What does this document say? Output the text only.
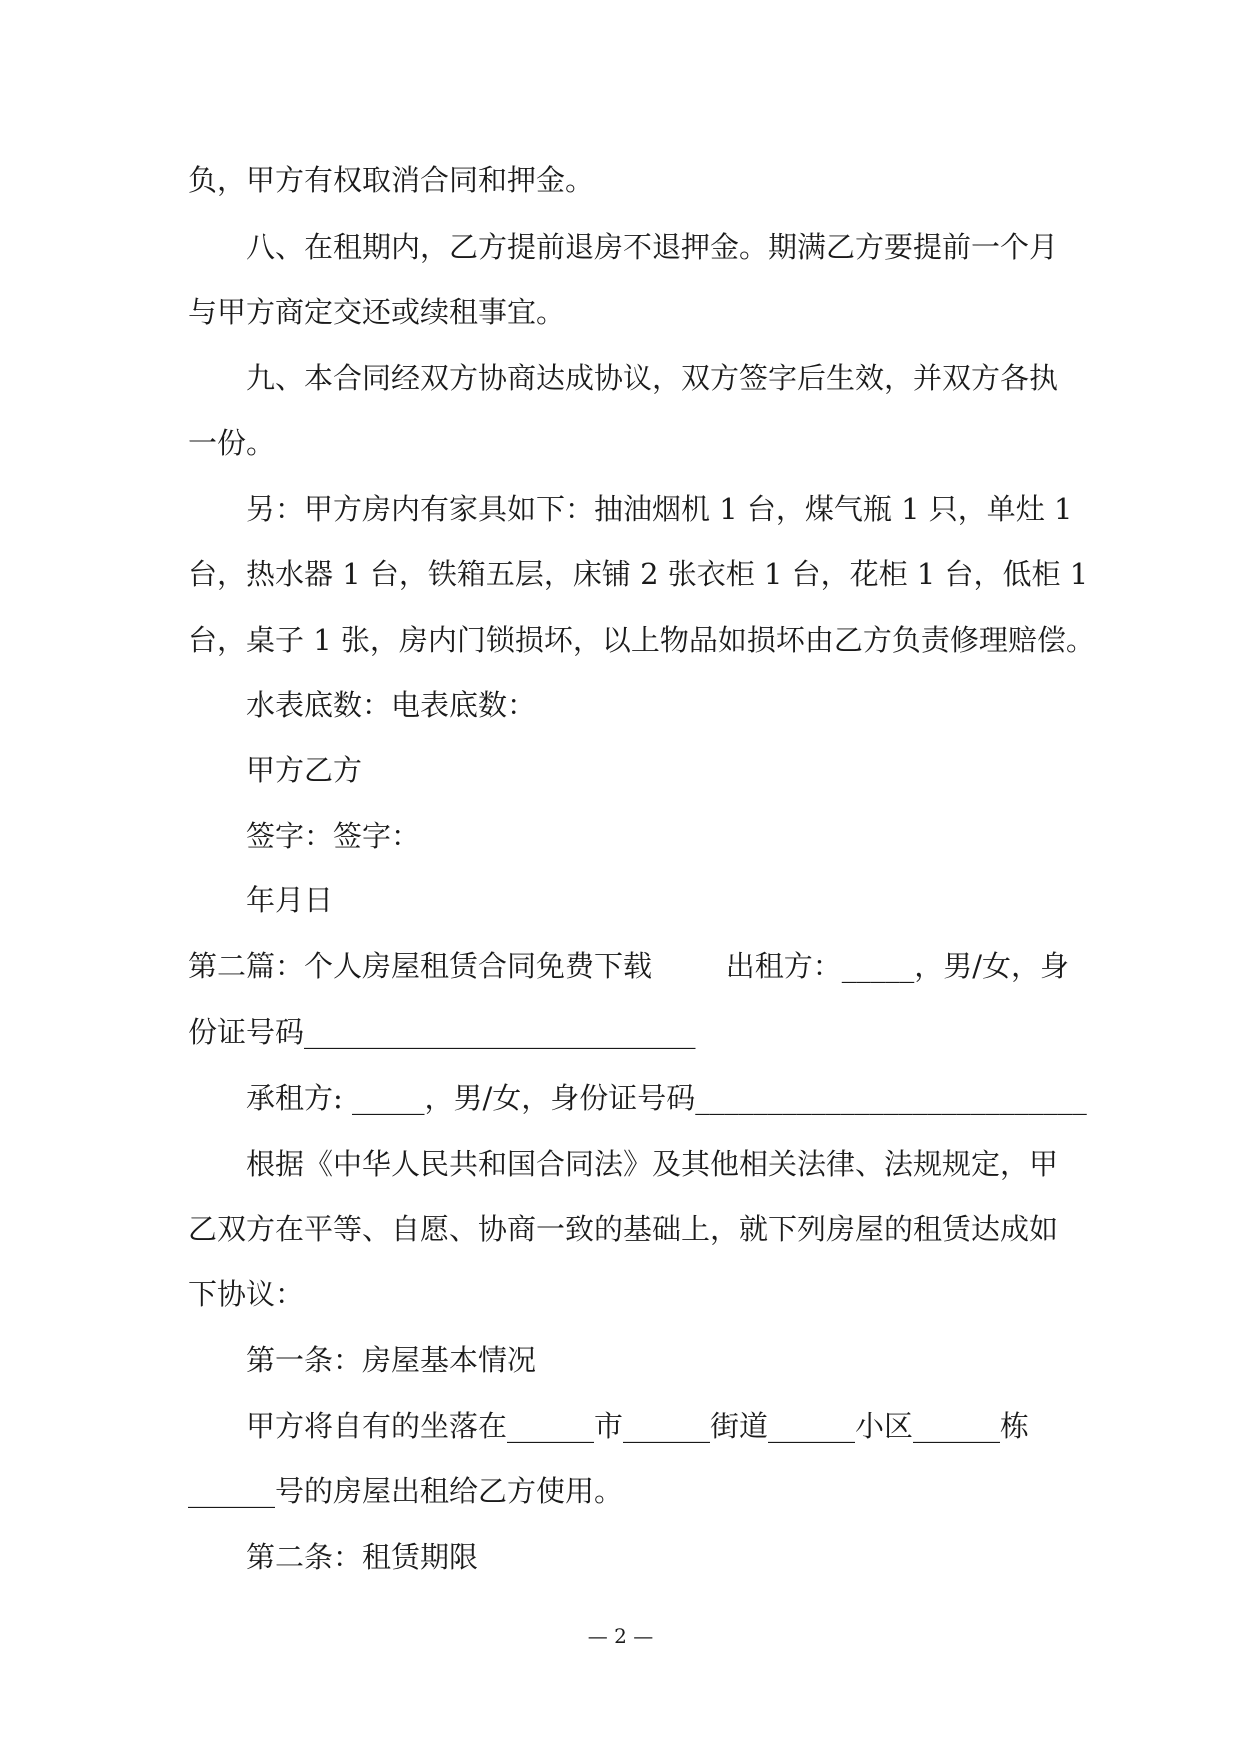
负，甲方有权取消合同和押金。
八、在租期内，乙方提前退房不退押金。期满乙方要提前一个月
与甲方商定交还或续租事宜。
九、本合同经双方协商达成协议，双方签字后生效，并双方各执
一份。
另：甲方房内有家具如下：抽油烟机 1 台，煤气瓶 1 只，单灶 1
台，热水器 1 台，铁箱五层，床铺 2 张衣柜 1 台，花柜 1 台，低柜 1
台，桌子 1 张，房内门锁损坏，以上物品如损坏由乙方负责修理赔偿。
水表底数：电表底数：
甲方乙方
签字：签字：
年月日
第二篇：个人房屋租赁合同免费下载        出租方：_____，男/女，身
份证号码___________________________
承租方: _____，男/女，身份证号码___________________________
根据《中华人民共和国合同法》及其他相关法律、法规规定，甲
乙双方在平等、自愿、协商一致的基础上，就下列房屋的租赁达成如
下协议：
第一条：房屋基本情况
甲方将自有的坐落在______市______街道______小区______栋
______号的房屋出租给乙方使用。
第二条：租赁期限
— 2 —
